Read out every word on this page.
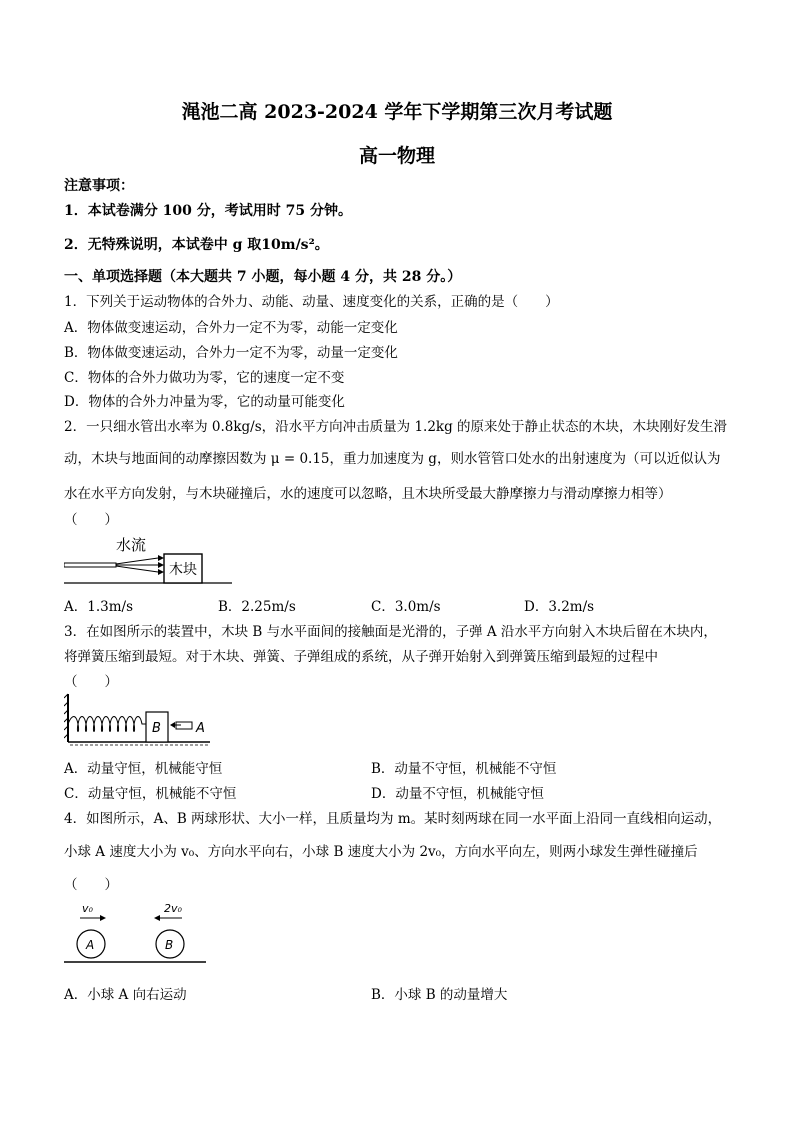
渑池二高 2023-2024 学年下学期第三次月考试题
高一物理
注意事项：
1．本试卷满分 100 分，考试用时 75 分钟。
2．无特殊说明，本试卷中 g 取10m/s²。
一、单项选择题（本大题共 7 小题，每小题 4 分，共 28 分。）
1．下列关于运动物体的合外力、动能、动量、速度变化的关系，正确的是（　　）
A．物体做变速运动，合外力一定不为零，动能一定变化
B．物体做变速运动，合外力一定不为零，动量一定变化
C．物体的合外力做功为零，它的速度一定不变
D．物体的合外力冲量为零，它的动量可能变化
2．一只细水管出水率为 0.8kg/s，沿水平方向冲击质量为 1.2kg 的原来处于静止状态的木块，木块刚好发生滑
动，木块与地面间的动摩擦因数为 μ = 0.15，重力加速度为 g，则水管管口处水的出射速度为（可以近似认为
水在水平方向发射，与木块碰撞后，水的速度可以忽略，且木块所受最大静摩擦力与滑动摩擦力相等）
（　　）
木块
水流
A．1.3m/s	B．2.25m/s	C．3.0m/s	D．3.2m/s
3．在如图所示的装置中，木块 B 与水平面间的接触面是光滑的，子弹 A 沿水平方向射入木块后留在木块内，
将弹簧压缩到最短。对于木块、弹簧、子弹组成的系统，从子弹开始射入到弹簧压缩到最短的过程中
（　　）
B	A
A．动量守恒，机械能守恒	B．动量不守恒，机械能不守恒
C．动量守恒，机械能不守恒	D．动量不守恒，机械能守恒
4．如图所示，A、B 两球形状、大小一样，且质量均为 m。某时刻两球在同一水平面上沿同一直线相向运动，
小球 A 速度大小为 v₀、方向水平向右，小球 B 速度大小为 2v₀，方向水平向左，则两小球发生弹性碰撞后
（　　）
v₀
A
2v₀
B
A．小球 A 向右运动	B．小球 B 的动量增大
